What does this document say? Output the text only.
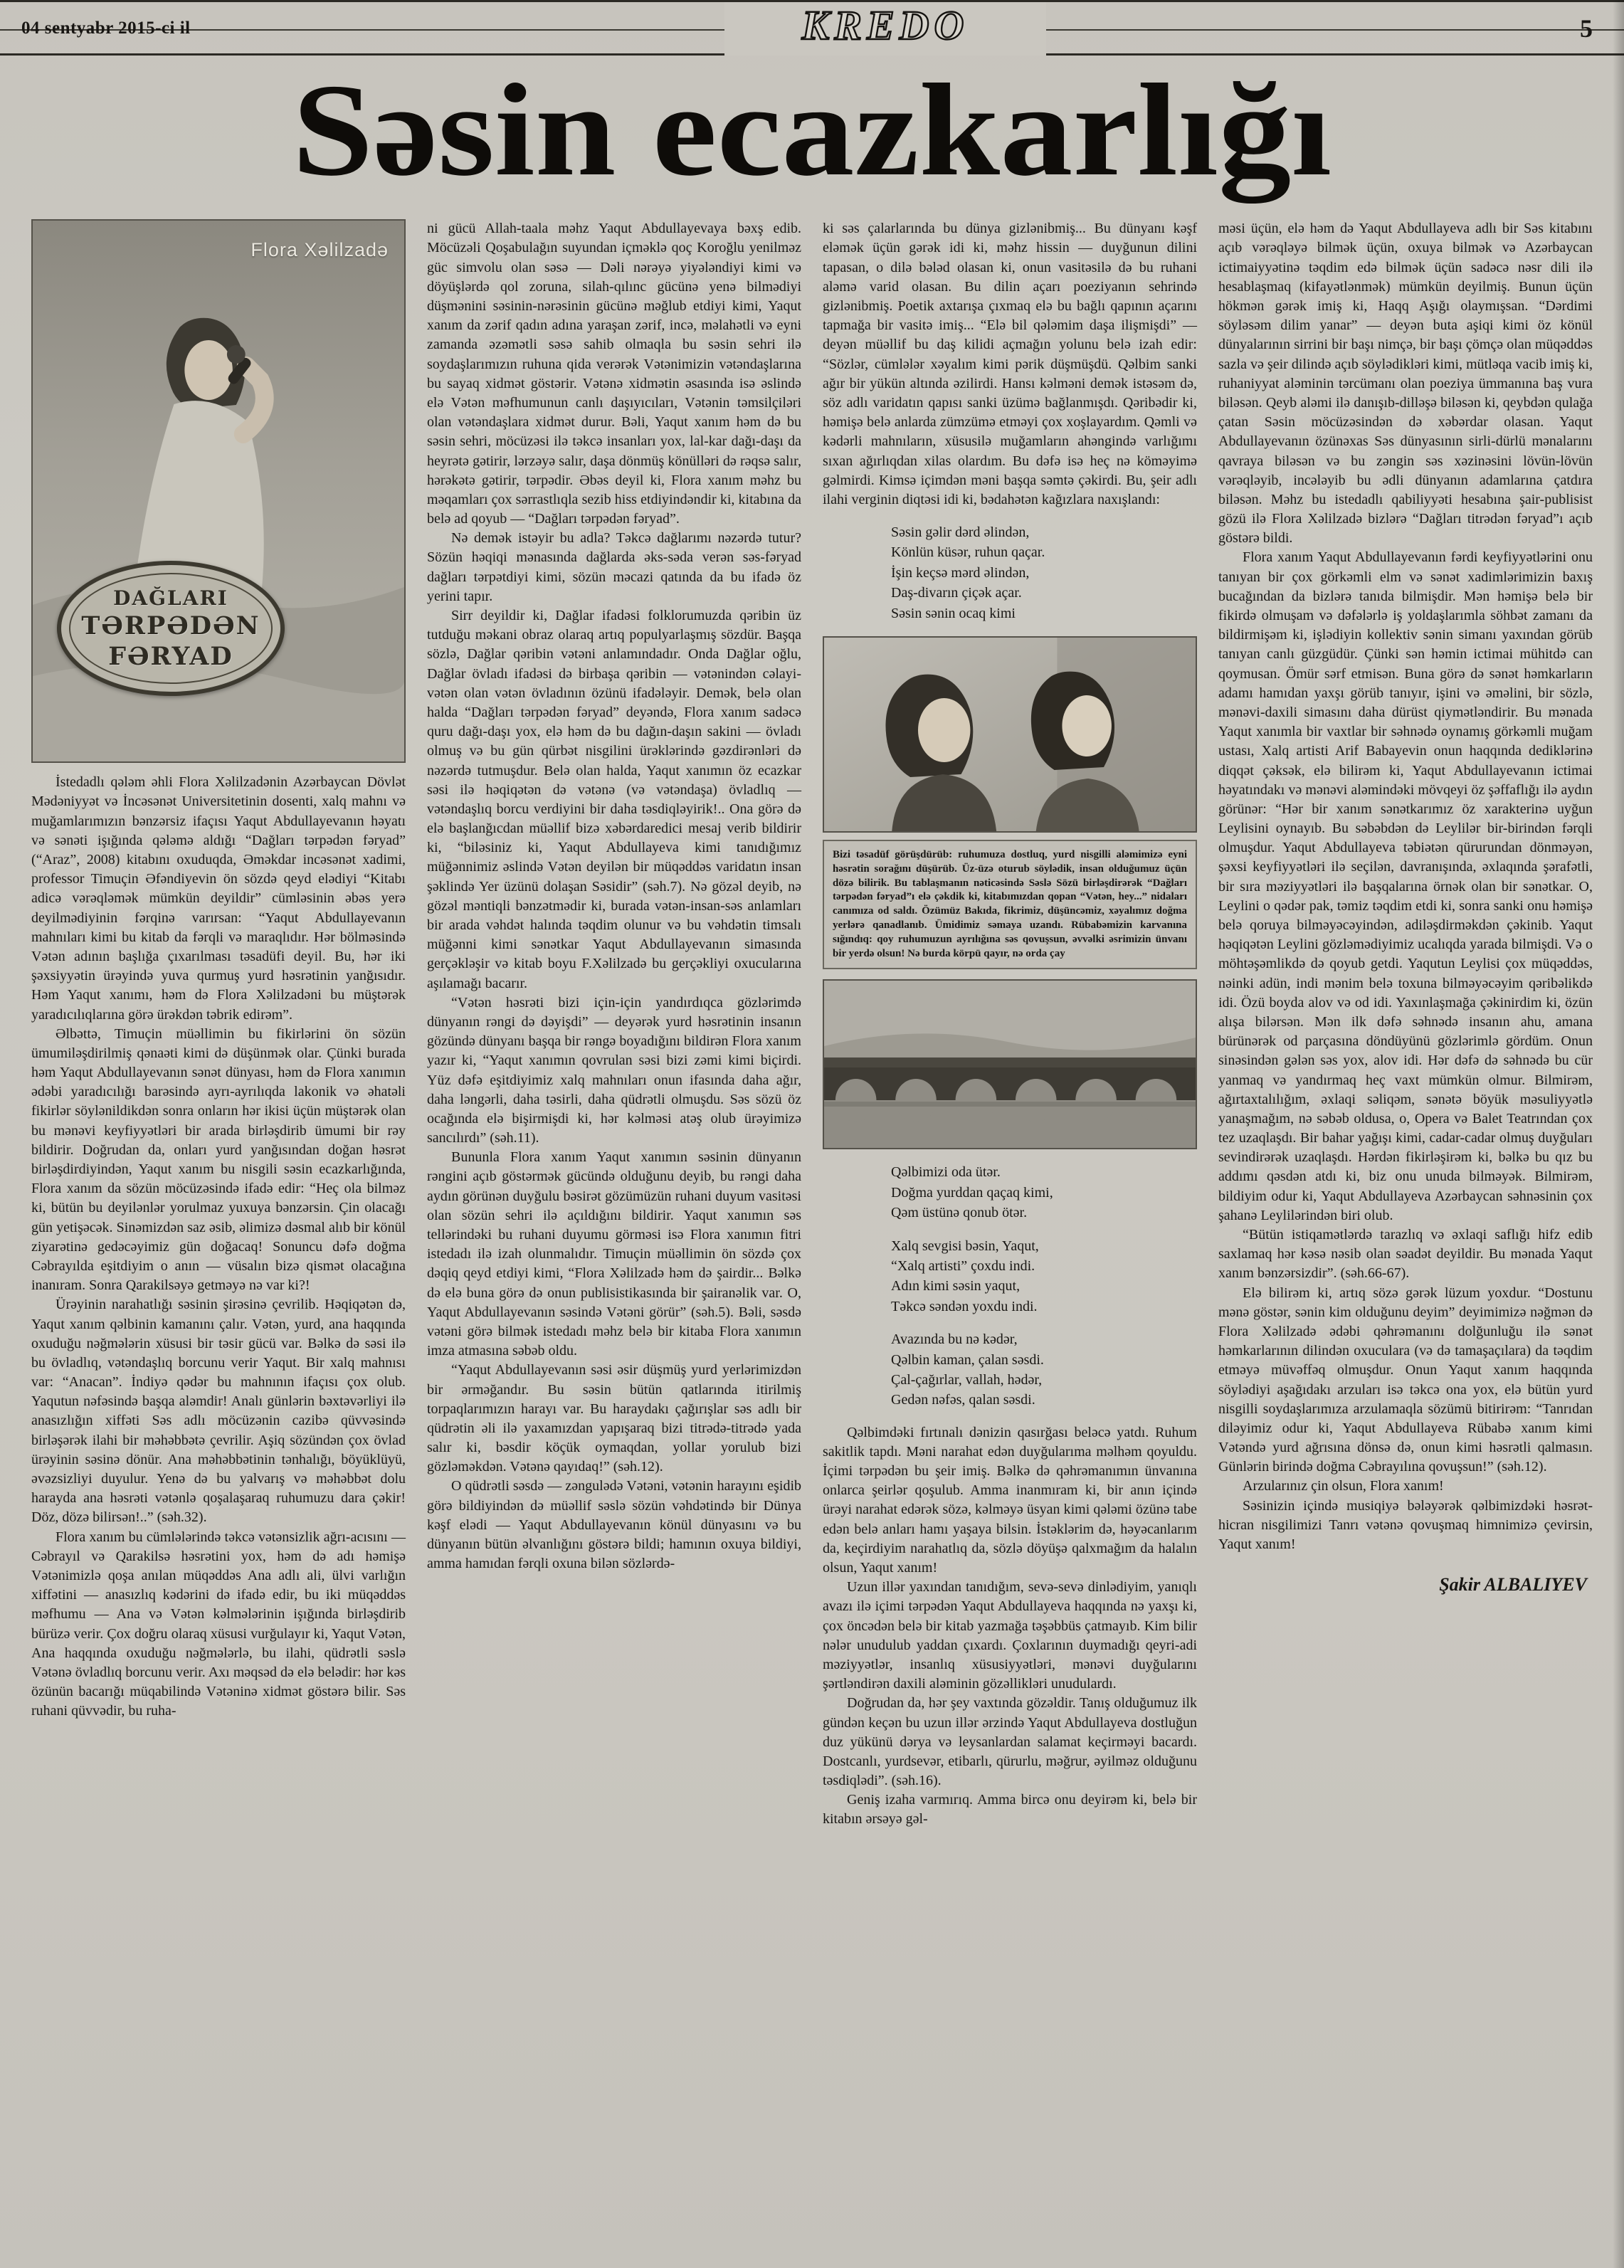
04 sentyabr 2015-ci il	KREDO	5
Səsin ecazkarlığı
Flora Xəlilzadə
DAĞLARI
TƏRPƏDƏN
FƏRYAD

İstedadlı qələm əhli Flora Xəlilzadənin Azərbaycan Dövlət Mədəniyyət və İncəsənət Universitetinin dosenti, xalq mahnı və muğamlarımızın bənzərsiz ifaçısı Yaqut Abdullayevanın həyatı və sənəti işığında qələmə aldığı “Dağları tərpədən fəryad” (“Araz”, 2008) kitabını oxuduqda, Əməkdar incəsənət xadimi, professor Timuçin Əfəndiyevin ön sözdə qeyd elədiyi “Kitabı adicə vərəqləmək mümkün deyildir” cümləsinin əbəs yerə deyilmədiyinin fərqinə varırsan: “Yaqut Abdullayevanın mahnıları kimi bu kitab da fərqli və maraqlıdır. Hər bölməsində Vətən adının başlığa çıxarılması təsadüfi deyil. Bu, hər iki şəxsiyyətin ürəyində yuva qurmuş yurd həsrətinin yanğısıdır. Həm Yaqut xanımı, həm də Flora Xəlilzadəni bu müştərək yaradıcılıqlarına görə ürəkdən təbrik edirəm”.

Əlbəttə, Timuçin müəllimin bu fikirlərini ön sözün ümumiləşdirilmiş qənaəti kimi də düşünmək olar. Çünki burada həm Yaqut Abdullayevanın sənət dünyası, həm də Flora xanımın ədəbi yaradıcılığı barəsində ayrı-ayrılıqda lakonik və əhatəli fikirlər söylənildikdən sonra onların hər ikisi üçün müştərək olan bu mənəvi keyfiyyətləri bir arada birləşdirib ümumi bir rəy bildirir. Doğrudan da, onları yurd yanğısından doğan həsrət birləşdirdiyindən, Yaqut xanım bu nisgili səsin ecazkarlığında, Flora xanım da sözün möcüzəsində ifadə edir: “Heç ola bilməz ki, bütün bu deyilənlər yorulmaz yuxuya bənzərsin. Çin olacağı gün yetişəcək. Sinəmizdən saz əsib, əlimizə dəsmal alıb bir könül ziyarətinə gedəcəyimiz gün doğacaq! Sonuncu dəfə doğma Cəbrayılda eşitdiyim o anın — vüsalın bizə qismət olacağına inanıram. Sonra Qarakilsəyə getməyə nə var ki?!

Ürəyinin narahatlığı səsinin şirəsinə çevrilib. Həqiqətən də, Yaqut xanım qəlbinin kamanını çalır. Vətən, yurd, ana haqqında oxuduğu nəğmələrin xüsusi bir təsir gücü var. Bəlkə də səsi ilə bu övladlıq, vətəndaşlıq borcunu verir Yaqut. Bir xalq mahnısı var: “Anacan”. İndiyə qədər bu mahnının ifaçısı çox olub. Yaqutun nəfəsində başqa aləmdir! Analı günlərin bəxtəvərliyi ilə anasızlığın xiffəti Səs adlı möcüzənin cazibə qüvvəsində birləşərək ilahi bir məhəbbətə çevrilir. Aşiq sözündən çox övlad ürəyinin səsinə dönür. Ana məhəbbətinin tənhalığı, böyüklüyü, əvəzsizliyi duyulur. Yenə də bu yalvarış və məhəbbət dolu harayda ana həsrəti vətənlə qoşalaşaraq ruhumuzu dara çəkir! Döz, dözə bilirsən!..” (səh.32).

Flora xanım bu cümlələrində təkcə vətənsizlik ağrı-acısını — Cəbrayıl və Qarakilsə həsrətini yox, həm də adı həmişə Vətənimizlə qoşa anılan müqəddəs Ana adlı ali, ülvi varlığın xiffətini — anasızlıq kədərini də ifadə edir, bu iki müqəddəs məfhumu — Ana və Vətən kəlmələrinin işığında birləşdirib bürüzə verir. Çox doğru olaraq xüsusi vurğulayır ki, Yaqut Vətən, Ana haqqında oxuduğu nəğmələrlə, bu ilahi, qüdrətli səslə Vətənə övladlıq borcunu verir. Axı məqsəd də elə belədir: hər kəs özünün bacarığı müqabilində Vətəninə xidmət göstərə bilir. Səs ruhani qüvvədir, bu ruha-

ni gücü Allah-taala məhz Yaqut Abdullayevaya bəxş edib. Möcüzəli Qoşabulağın suyundan içməklə qoç Koroğlu yenilməz güc simvolu olan səsə — Dəli nərəyə yiyələndiyi kimi və döyüşlərdə qol zoruna, silah-qılınc gücünə yenə bilmədiyi düşmənini səsinin-nərəsinin gücünə məğlub etdiyi kimi, Yaqut xanım da zərif qadın adına yaraşan zərif, incə, məlahətli və eyni zamanda əzəmətli səsə sahib olmaqla bu səsin sehri ilə soydaşlarımızın ruhuna qida verərək Vətənimizin vətəndaşlarına bu sayaq xidmət göstərir. Vətənə xidmətin əsasında isə əslində elə Vətən məfhumunun canlı daşıyıcıları, Vətənin təmsilçiləri olan vətəndaşlara xidmət durur. Bəli, Yaqut xanım həm də bu səsin sehri, möcüzəsi ilə təkcə insanları yox, lal-kar dağı-daşı da heyrətə gətirir, lərzəyə salır, daşa dönmüş könülləri də rəqsə salır, hərəkətə gətirir, tərpədir. Əbəs deyil ki, Flora xanım məhz bu məqamları çox sərrastlıqla sezib hiss etdiyindəndir ki, kitabına da belə ad qoyub — “Dağları tərpədən fəryad”.

Nə demək istəyir bu adla? Təkcə dağlarımı nəzərdə tutur? Sözün həqiqi mənasında dağlarda əks-səda verən səs-fəryad dağları tərpətdiyi kimi, sözün məcazi qatında da bu ifadə öz yerini tapır.

Sirr deyildir ki, Dağlar ifadəsi folklorumuzda qəribin üz tutduğu məkani obraz olaraq artıq populyarlaşmış sözdür. Başqa sözlə, Dağlar qəribin vətəni anlamındadır. Onda Dağlar oğlu, Dağlar övladı ifadəsi də birbaşa qəribin — vətənindən cəlayi-vətən olan vətən övladının özünü ifadələyir. Demək, belə olan halda “Dağları tərpədən fəryad” deyəndə, Flora xanım sadəcə quru dağı-daşı yox, elə həm də bu dağın-daşın sakini — övladı olmuş və bu gün qürbət nisgilini ürəklərində gəzdirənləri də nəzərdə tutmuşdur. Belə olan halda, Yaqut xanımın öz ecazkar səsi ilə həqiqətən də vətənə (və vətəndaşa) övladlıq — vətəndaşlıq borcu verdiyini bir daha təsdiqləyirik!.. Ona görə də elə başlanğıcdan müəllif bizə xəbərdaredici mesaj verib bildirir ki, “biləsiniz ki, Yaqut Abdullayeva kimi tanıdığımız müğənnimiz əslində Vətən deyilən bir müqəddəs varidatın insan şəklində Yer üzünü dolaşan Səsidir” (səh.7). Nə gözəl deyib, nə gözəl məntiqli bənzətmədir ki, burada vətən-insan-səs anlamları bir arada vəhdət halında təqdim olunur və bu vəhdətin timsalı müğənni kimi sənətkar Yaqut Abdullayevanın simasında gerçəkləşir və kitab boyu F.Xəlilzadə bu gerçəkliyi oxucularına aşılamağı bacarır.

“Vətən həsrəti bizi için-için yandırdıqca gözlərimdə dünyanın rəngi də dəyişdi” — deyərək yurd həsrətinin insanın gözündə dünyanı başqa bir rəngə boyadığını bildirən Flora xanım yazır ki, “Yaqut xanımın qovrulan səsi bizi zəmi kimi biçirdi. Yüz dəfə eşitdiyimiz xalq mahnıları onun ifasında daha ağır, daha ləngərli, daha təsirli, daha qüdrətli olmuşdu. Səs sözü öz ocağında elə bişirmişdi ki, hər kəlməsi atəş olub ürəyimizə sancılırdı” (səh.11).

Bununla Flora xanım Yaqut xanımın səsinin dünyanın rəngini açıb göstərmək gücündə olduğunu deyib, bu rəngi daha aydın görünən duyğulu bəsirət gözümüzün ruhani duyum vasitəsi olan sözün sehri ilə açıldığını bildirir. Yaqut xanımın səs tellərindəki bu ruhani duyumu görməsi isə Flora xanımın fitri istedadı ilə izah olunmalıdır. Timuçin müəllimin ön sözdə çox dəqiq qeyd etdiyi kimi, “Flora Xəlilzadə həm də şairdir... Bəlkə də elə buna görə də onun publisistikasında bir şairanəlik var. O, Yaqut Abdullayevanın səsində Vətəni görür” (səh.5). Bəli, səsdə vətəni görə bilmək istedadı məhz belə bir kitaba Flora xanımın imza atmasına səbəb oldu.

“Yaqut Abdullayevanın səsi əsir düşmüş yurd yerlərimizdən bir ərməğandır. Bu səsin bütün qatlarında itirilmiş torpaqlarımızın harayı var. Bu haraydakı çağırışlar səs adlı bir qüdrətin əli ilə yaxamızdan yapışaraq bizi titrədə-titrədə yada salır ki, bəsdir köçük oymaqdan, yollar yorulub bizi gözləməkdən. Vətənə qayıdaq!” (səh.12).

O qüdrətli səsdə — zəngulədə Vətəni, vətənin harayını eşidib görə bildiyindən də müəllif səslə sözün vəhdətində bir Dünya kəşf elədi — Yaqut Abdullayevanın könül dünyasını və bu dünyanın bütün əlvanlığını göstərə bildi; hamının oxuya bildiyi, amma hamıdan fərqli oxuna bilən sözlərdə-

ki səs çalarlarında bu dünya gizlənibmiş... Bu dünyanı kəşf eləmək üçün gərək idi ki, məhz hissin — duyğunun dilini tapasan, o dilə bələd olasan ki, onun vasitəsilə də bu ruhani aləmə varid olasan. Bu dilin açarı poeziyanın sehrində gizlənibmiş. Poetik axtarışa çıxmaq elə bu bağlı qapının açarını tapmağa bir vasitə imiş... “Elə bil qələmim daşa ilişmişdi” — deyən müəllif bu daş kilidi açmağın yolunu belə izah edir: “Sözlər, cümlələr xəyalım kimi pərik düşmüşdü. Qəlbim sanki ağır bir yükün altında əzilirdi. Hansı kəlməni demək istəsəm də, söz adlı varidatın qapısı sanki üzümə bağlanmışdı. Qəribədir ki, həmişə belə anlarda zümzümə etməyi çox xoşlayardım. Qəmli və kədərli mahnıların, xüsusilə muğamların ahəngində varlığımı sıxan ağırlıqdan xilas olardım. Bu dəfə isə heç nə köməyimə gəlmirdi. Kimsə içimdən məni başqa səmtə çəkirdi. Bu, şeir adlı ilahi verginin diqtəsi idi ki, bədahətən kağızlara naxışlandı:

Səsin gəlir dərd əlindən,
Könlün küsər, ruhun qaçar.
İşin keçsə mərd əlindən,
Daş-divarın çiçək açar.
Səsin sənin ocaq kimi
Bizi təsadüf görüşdürüb: ruhumuza dostluq, yurd nisgilli aləmimizə eyni həsrətin sorağını düşürüb. Üz-üzə oturub söylədik, insan olduğumuz üçün dözə bilirik. Bu tablaşmanın nəticəsində Səslə Sözü birləşdirərək “Dağları tərpədən fəryad”ı elə çəkdik ki, kitabımızdan qopan “Vətən, hey...” nidaları canımıza od saldı. Özümüz Bakıda, fikrimiz, düşüncəmiz, xəyalımız doğma yerlərə qanadlanıb. Ümidimiz səmaya uzandı. Rübabəmizin karvanına sığındıq: qoy ruhumuzun ayrılığına səs qovuşsun, əvvəlki əsrimizin ünvanı bir yerdə olsun! Nə burda körpü qayır, nə orda çay
Qəlbimizi oda ütər.
Doğma yurddan qaçaq kimi,
Qəm üstünə qonub ötər.
Xalq sevgisi bəsin, Yaqut,
“Xalq artisti” çoxdu indi.
Adın kimi səsin yaqut,
Təkcə səndən yoxdu indi.
Avazında bu nə kədər,
Qəlbin kaman, çalan səsdi.
Çal-çağırlar, vallah, hədər,
Gedən nəfəs, qalan səsdi.

Qəlbimdəki fırtınalı dənizin qasırğası beləcə yatdı. Ruhum sakitlik tapdı. Məni narahat edən duyğularıma məlhəm qoyuldu. İçimi tərpədən bu şeir imiş. Bəlkə də qəhrəmanımın ünvanına onlarca şeirlər qoşulub. Amma inanmıram ki, bir anın içində ürəyi narahat edərək sözə, kəlməyə üsyan kimi qələmi özünə tabe edən belə anları hamı yaşaya bilsin. İstəklərim də, həyəcanlarım da, keçirdiyim narahatlıq da, sözlə döyüşə qalxmağım da halalın olsun, Yaqut xanım!

Uzun illər yaxından tanıdığım, sevə-sevə dinlədiyim, yanıqlı avazı ilə içimi tərpədən Yaqut Abdullayeva haqqında nə yaxşı ki, çox öncədən belə bir kitab yazmağa təşəbbüs çatmayıb. Kim bilir nələr unudulub yaddan çıxardı. Çoxlarının duymadığı qeyri-adi məziyyətlər, insanlıq xüsusiyyətləri, mənəvi duyğularını şərtləndirən daxili aləminin gözəllikləri unudulardı.

Doğrudan da, hər şey vaxtında gözəldir. Tanış olduğumuz ilk gündən keçən bu uzun illər ərzində Yaqut Abdullayeva dostluğun duz yükünü dərya və leysanlardan salamat keçirməyi bacardı. Dostcanlı, yurdsevər, etibarlı, qürurlu, məğrur, əyilməz olduğunu təsdiqlədi”. (səh.16).

Geniş izaha varmırıq. Amma bircə onu deyirəm ki, belə bir kitabın ərsəyə gəl-

məsi üçün, elə həm də Yaqut Abdullayeva adlı bir Səs kitabını açıb vərəqləyə bilmək üçün, oxuya bilmək və Azərbaycan ictimaiyyətinə təqdim edə bilmək üçün sadəcə nəsr dili ilə hesablaşmaq (kifayətlənmək) mümkün deyilmiş. Bunun üçün hökmən gərək imiş ki, Haqq Aşığı olaymışsan. “Dərdimi söyləsəm dilim yanar” — deyən buta aşiqi kimi öz könül dünyalarının sirrini bir başı nimçə, bir başı çömçə olan müqəddəs sazla və şeir dilində açıb söylədikləri kimi, mütləqa vacib imiş ki, ruhaniyyat aləminin tərcümanı olan poeziya ümmanına baş vura biləsən. Qeyb aləmi ilə danışıb-dilləşə biləsən ki, qeybdən qulağa çatan Səsin möcüzəsindən də xəbərdar olasan. Yaqut Abdullayevanın özünəxas Səs dünyasının sirli-dürlü mənalarını qavraya biləsən və bu zəngin səs xəzinəsini lövün-lövün vərəqləyib, incələyib bu ədli dünyanın adamlarına çatdıra biləsən. Məhz bu istedadlı qabiliyyəti hesabına şair-publisist gözü ilə Flora Xəlilzadə bizlərə “Dağları titrədən fəryad”ı açıb göstərə bildi.

Flora xanım Yaqut Abdullayevanın fərdi keyfiyyətlərini onu tanıyan bir çox görkəmli elm və sənət xadimlərimizin baxış bucağından da bizlərə tanıda bilmişdir. Mən həmişə belə bir fikirdə olmuşam və dəfələrlə iş yoldaşlarımla söhbət zamanı da bildirmişəm ki, işlədiyin kollektiv sənin simanı yaxından görüb tanıyan canlı güzgüdür. Çünki sən həmin ictimai mühitdə can qoymusan. Ömür sərf etmisən. Buna görə də sənət həmkarların adamı hamıdan yaxşı görüb tanıyır, işini və əməlini, bir sözlə, mənəvi-daxili simasını daha dürüst qiymətləndirir. Bu mənada Yaqut xanımla bir vaxtlar bir səhnədə oynamış görkəmli muğam ustası, Xalq artisti Arif Babayevin onun haqqında dediklərinə diqqət çəksək, elə bilirəm ki, Yaqut Abdullayevanın ictimai həyatındakı və mənəvi aləmindəki mövqeyi öz şəffaflığı ilə aydın görünər: “Hər bir xanım sənətkarımız öz xarakterinə uyğun Leylisini oynayıb. Bu səbəbdən də Leylilər bir-birindən fərqli olmuşdur. Yaqut Abdullayeva təbiətən qürurundan dönməyən, şəxsi keyfiyyətləri ilə seçilən, davranışında, əxlaqında şərafətli, bir sıra məziyyətləri ilə başqalarına örnək olan bir sənətkar. O, Leylini o qədər pak, təmiz təqdim etdi ki, sonra sanki onu həmişə belə qoruya bilməyəcəyindən, adiləşdirməkdən çəkinib. Yaqut həqiqətən Leylini gözləmədiyimiz ucalıqda yarada bilmişdi. Və o möhtəşəmlikdə də qoyub getdi. Yaqutun Leylisi çox müqəddəs, nəinki adün, indi mənim belə toxuna bilməyəcəyim qəribəlikdə idi. Özü boyda alov və od idi. Yaxınlaşmağa çəkinirdim ki, özün alışa bilərsən. Mən ilk dəfə səhnədə insanın ahu, amana bürünərək od parçasına döndüyünü gözlərimlə gördüm. Onun sinəsindən gələn səs yox, alov idi. Hər dəfə də səhnədə bu cür yanmaq və yandırmaq heç vaxt mümkün olmur. Bilmirəm, ağırtaxtalılığım, əxlaqi səliqəm, sənətə böyük məsuliyyətlə yanaşmağım, nə səbəb oldusa, o, Opera və Balet Teatrından çox tez uzaqlaşdı. Bir bahar yağışı kimi, cadar-cadar olmuş duyğuları sevindirərək uzaqlaşdı. Hərdən fikirləşirəm ki, bəlkə bu qız bu addımı qəsdən atdı ki, biz onu unuda bilməyək. Bilmirəm, bildiyim odur ki, Yaqut Abdullayeva Azərbaycan səhnəsinin çox şahanə Leylilərindən biri olub.

“Bütün istiqamətlərdə tarazlıq və əxlaqi saflığı hifz edib saxlamaq hər kəsə nəsib olan səadət deyildir. Bu mənada Yaqut xanım bənzərsizdir”. (səh.66-67).

Elə bilirəm ki, artıq sözə gərək lüzum yoxdur. “Dostunu mənə göstər, sənin kim olduğunu deyim” deyimimizə nəğmən də Flora Xəlilzadə ədəbi qəhrəmanını dolğunluğu ilə sənət həmkarlarının dilindən oxuculara (və də tamaşaçılara) da təqdim etməyə müvəffəq olmuşdur. Onun Yaqut xanım haqqında söylədiyi aşağıdakı arzuları isə təkcə ona yox, elə bütün yurd nisgilli soydaşlarımıza arzulamaqla sözümü bitirirəm: “Tanrıdan diləyimiz odur ki, Yaqut Abdullayeva Rübabə xanım kimi Vətəndə yurd ağrısına dönsə də, onun kimi həsrətli qalmasın. Günlərin birində doğma Cəbrayılına qovuşsun!” (səh.12).

Arzularınız çin olsun, Flora xanım!

Səsinizin içində musiqiyə bələyərək qəlbimizdəki həsrət-hicran nisgilimizi Tanrı vətənə qovuşmaq himnimizə çevirsin, Yaqut xanım!

Şakir ALBALIYEV
